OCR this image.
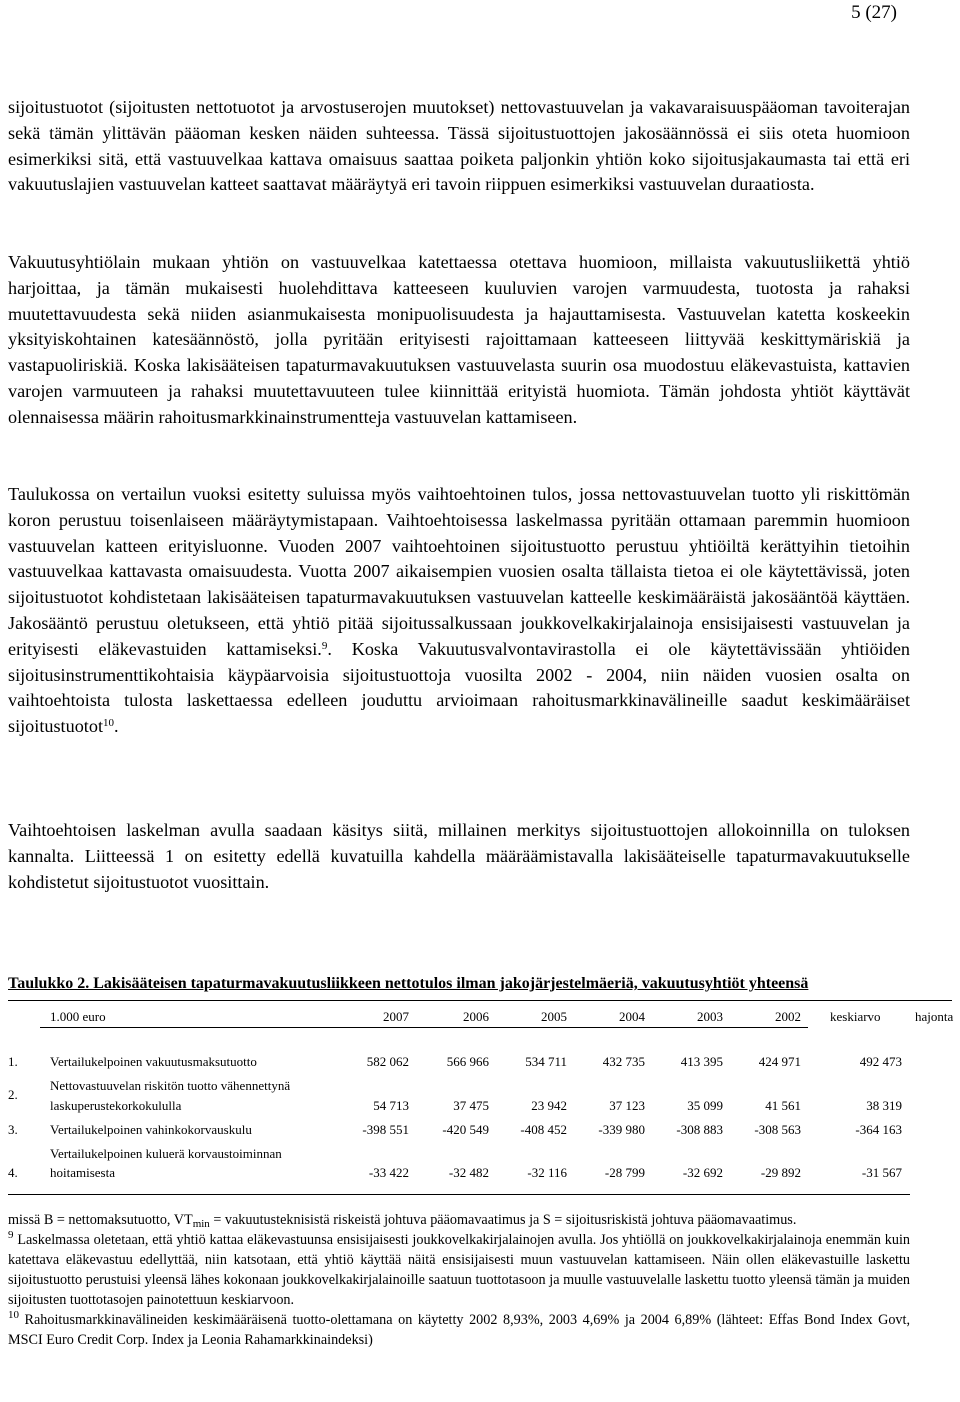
5 (27)

sijoitustuotot (sijoitusten nettotuotot ja arvostuserojen muutokset) nettovastuuvelan ja vakavaraisuuspääoman tavoiterajan sekä tämän ylittävän pääoman kesken näiden suhteessa. Tässä sijoitustuottojen jakosäännössä ei siis oteta huomioon esimerkiksi sitä, että vastuuvelkaa kattava omaisuus saattaa poiketa paljonkin yhtiön koko sijoitusjakaumasta tai että eri vakuutuslajien vastuuvelan katteet saattavat määräytyä eri tavoin riippuen esimerkiksi vastuuvelan duraatiosta.

Vakuutusyhtiölain mukaan yhtiön on vastuuvelkaa katettaessa otettava huomioon, millaista vakuutusliikettä yhtiö harjoittaa, ja tämän mukaisesti huolehdittava katteeseen kuuluvien varojen varmuudesta, tuotosta ja rahaksi muutettavuudesta sekä niiden asianmukaisesta monipuolisuudesta ja hajauttamisesta. Vastuuvelan katetta koskeekin yksityiskohtainen katesäännöstö, jolla pyritään erityisesti rajoittamaan katteeseen liittyvää keskittymäriskiä ja vastapuoliriskiä. Koska lakisääteisen tapaturmavakuutuksen vastuuvelasta suurin osa muodostuu eläkevastuista, kattavien varojen varmuuteen ja rahaksi muutettavuuteen tulee kiinnittää erityistä huomiota. Tämän johdosta yhtiöt käyttävät olennaisessa määrin rahoitusmarkkinainstrumentteja vastuuvelan kattamiseen.

Taulukossa on vertailun vuoksi esitetty suluissa myös vaihtoehtoinen tulos, jossa nettovastuuvelan tuotto yli riskittömän koron perustuu toisenlaiseen määräytymistapaan. Vaihtoehtoisessa laskelmassa pyritään ottamaan paremmin huomioon vastuuvelan katteen erityisluonne. Vuoden 2007 vaihtoehtoinen sijoitustuotto perustuu yhtiöiltä kerättyihin tietoihin vastuuvelkaa kattavasta omaisuudesta. Vuotta 2007 aikaisempien vuosien osalta tällaista tietoa ei ole käytettävissä, joten sijoitustuotot kohdistetaan lakisääteisen tapaturmavakuutuksen vastuuvelan katteelle keskimääräistä jakosääntöä käyttäen. Jakosääntö perustuu oletukseen, että yhtiö pitää sijoitussalkussaan joukkovelkakirjalainoja ensisijaisesti vastuuvelan ja erityisesti eläkevastuiden kattamiseksi.$^9$. Koska Vakuutusvalvontavirastolla ei ole käytettävissään yhtiöiden sijoitusinstrumenttikohtaisia käypäarvoisia sijoitustuottoja vuosilta 2002 - 2004, niin näiden vuosien osalta on vaihtoehtoista tulosta laskettaessa edelleen jouduttu arvioimaan rahoitusmarkkinavälineille saadut keskimääräiset sijoitustuotot$^{10}$.

Vaihtoehtoisen laskelman avulla saadaan käsitys siitä, millainen merkitys sijoitustuottojen allokoinnilla on tuloksen kannalta. Liitteessä 1 on esitetty edellä kuvatuilla kahdella määräämistavalla lakisääteiselle tapaturmavakuutukselle kohdistetut sijoitustuotot vuosittain.

Taulukko 2. Lakisääteisen tapaturmavakuutusliikkeen nettotulos ilman jakojärjestelmäeriä, vakuutusyhtiöt yhteensä
1.000 euro	2007	2006	2005	2004	2003	2002 keskiarvo	hajonta
1. Vertailukelpoinen vakuutusmaksutuotto	582 062	566 966	534 711	432 735	413 395	424 971	492 473
2.
Nettovastuuvelan riskitön tuotto vähennettynä
laskuperustekorkokululla	54 713	37 475	23 942	37 123	35 099	41 561	38 319
3. Vertailukelpoinen vahinkokorvauskulu	-398 551	-420 549	-408 452	-339 980	-308 883	-308 563	-364 163
4.
Vertailukelpoinen kuluerä korvaustoiminnan
hoitamisesta	-33 422	-32 482	-32 116	-28 799	-32 692	-29 892	-31 567

missä B = nettomaksutuotto, $VT_{min}$ = vakuutusteknisistä riskeistä johtuva pääomavaatimus ja S = sijoitusriskistä johtuva pääomavaatimus.

$^9$ Laskelmassa oletetaan, että yhtiö kattaa eläkevastuunsa ensisijaisesti joukkovelkakirjalainojen avulla. Jos yhtiöllä on joukkovelkakirjalainoja enemmän kuin katettava eläkevastuu edellyttää, niin katsotaan, että yhtiö käyttää näitä ensisijaisesti muun vastuuvelan kattamiseen. Näin ollen eläkevastuille laskettu sijoitustuotto perustuisi yleensä lähes kokonaan joukkovelkakirjalainoille saatuun tuottotasoon ja muulle vastuuvelalle laskettu tuotto yleensä tämän ja muiden sijoitusten tuottotasojen painotettuun keskiarvoon.

$^{10}$ Rahoitusmarkkinavälineiden keskimääräisenä tuotto-olettamana on käytetty 2002 8,93%, 2003 4,69% ja 2004 6,89% (lähteet: Effas Bond Index Govt, MSCI Euro Credit Corp. Index ja Leonia Rahamarkkinaindeksi)
